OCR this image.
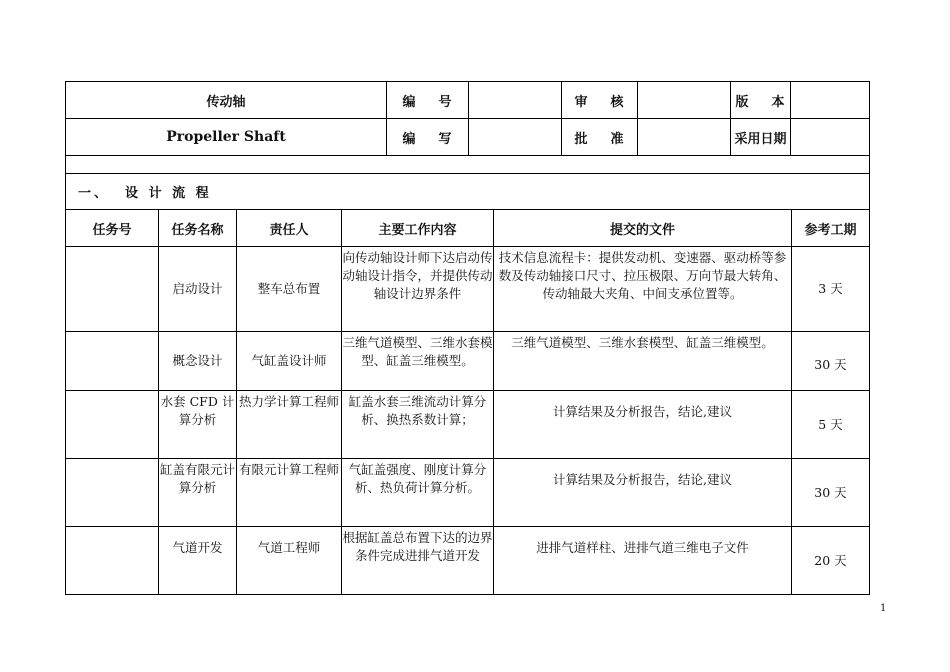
传动轴	编    号		审    核		版    本	
Propeller Shaft	编    写		批    准		采用日期	

一、  设 计 流 程						
任务号	任务名称	责任人	主要工作内容	提交的文件	参考工期
	启动设计	整车总布置	向传动轴设计师下达启动传动轴设计指令，并提供传动轴设计边界条件	技术信息流程卡：提供发动机、变速器、驱动桥等参数及传动轴接口尺寸、拉压极限、万向节最大转角、传动轴最大夹角、中间支承位置等。	3 天
	概念设计	气缸盖设计师	三维气道模型、三维水套模型、缸盖三维模型。	三维气道模型、三维水套模型、缸盖三维模型。	30 天
	水套 CFD 计算分析	热力学计算工程师	缸盖水套三维流动计算分析、换热系数计算；	计算结果及分析报告，结论,建议	5 天
	缸盖有限元计算分析	有限元计算工程师	气缸盖强度、刚度计算分析、热负荷计算分析。	计算结果及分析报告，结论,建议	30 天
	气道开发	气道工程师	根据缸盖总布置下达的边界条件完成进排气道开发	进排气道样柱、进排气道三维电子文件	20 天
1
